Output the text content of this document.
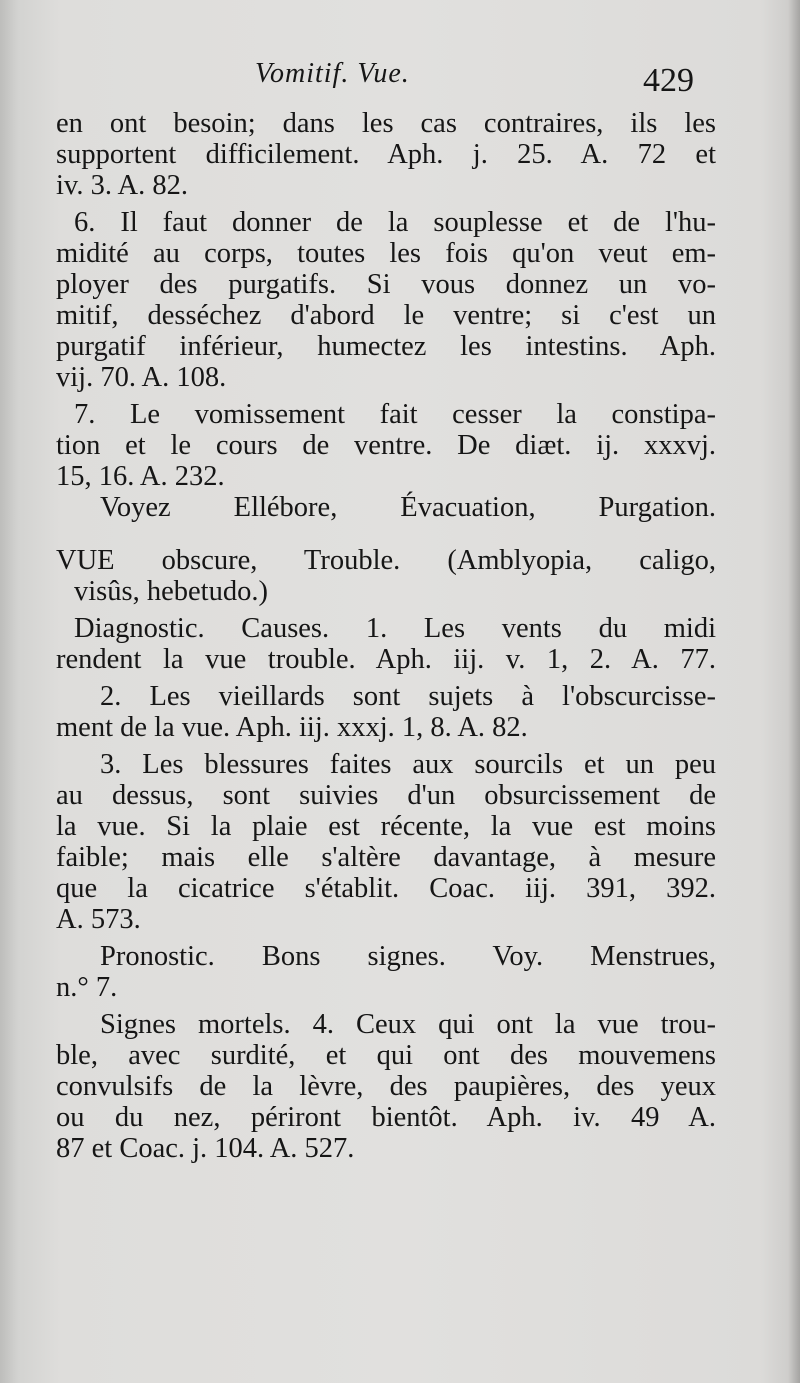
Vomitif. Vue.	429
en ont besoin; dans les cas contraires, ils les
supportent difficilement. Aph. j. 25. A. 72 et
iv. 3. A. 82.
6. Il faut donner de la souplesse et de l'hu-
midité au corps, toutes les fois qu'on veut em-
ployer des purgatifs. Si vous donnez un vo-
mitif, desséchez d'abord le ventre; si c'est un
purgatif inférieur, humectez les intestins. Aph.
vij. 70. A. 108.
7. Le vomissement fait cesser la constipa-
tion et le cours de ventre. De diæt. ij. xxxvj.
15, 16. A. 232.
Voyez Ellébore, Évacuation, Purgation.
VUE obscure, Trouble. (Amblyopia, caligo,
visûs, hebetudo.)
Diagnostic. Causes. 1. Les vents du midi
rendent la vue trouble. Aph. iij. v. 1, 2. A. 77.
2. Les vieillards sont sujets à l'obscurcisse-
ment de la vue. Aph. iij. xxxj. 1, 8. A. 82.
3. Les blessures faites aux sourcils et un peu
au dessus, sont suivies d'un obsurcissement de
la vue. Si la plaie est récente, la vue est moins
faible; mais elle s'altère davantage, à mesure
que la cicatrice s'établit. Coac. iij. 391, 392.
A. 573.
Pronostic. Bons signes. Voy. Menstrues,
n.° 7.
Signes mortels. 4. Ceux qui ont la vue trou-
ble, avec surdité, et qui ont des mouvemens
convulsifs de la lèvre, des paupières, des yeux
ou du nez, périront bientôt. Aph. iv. 49 A.
87 et Coac. j. 104. A. 527.
